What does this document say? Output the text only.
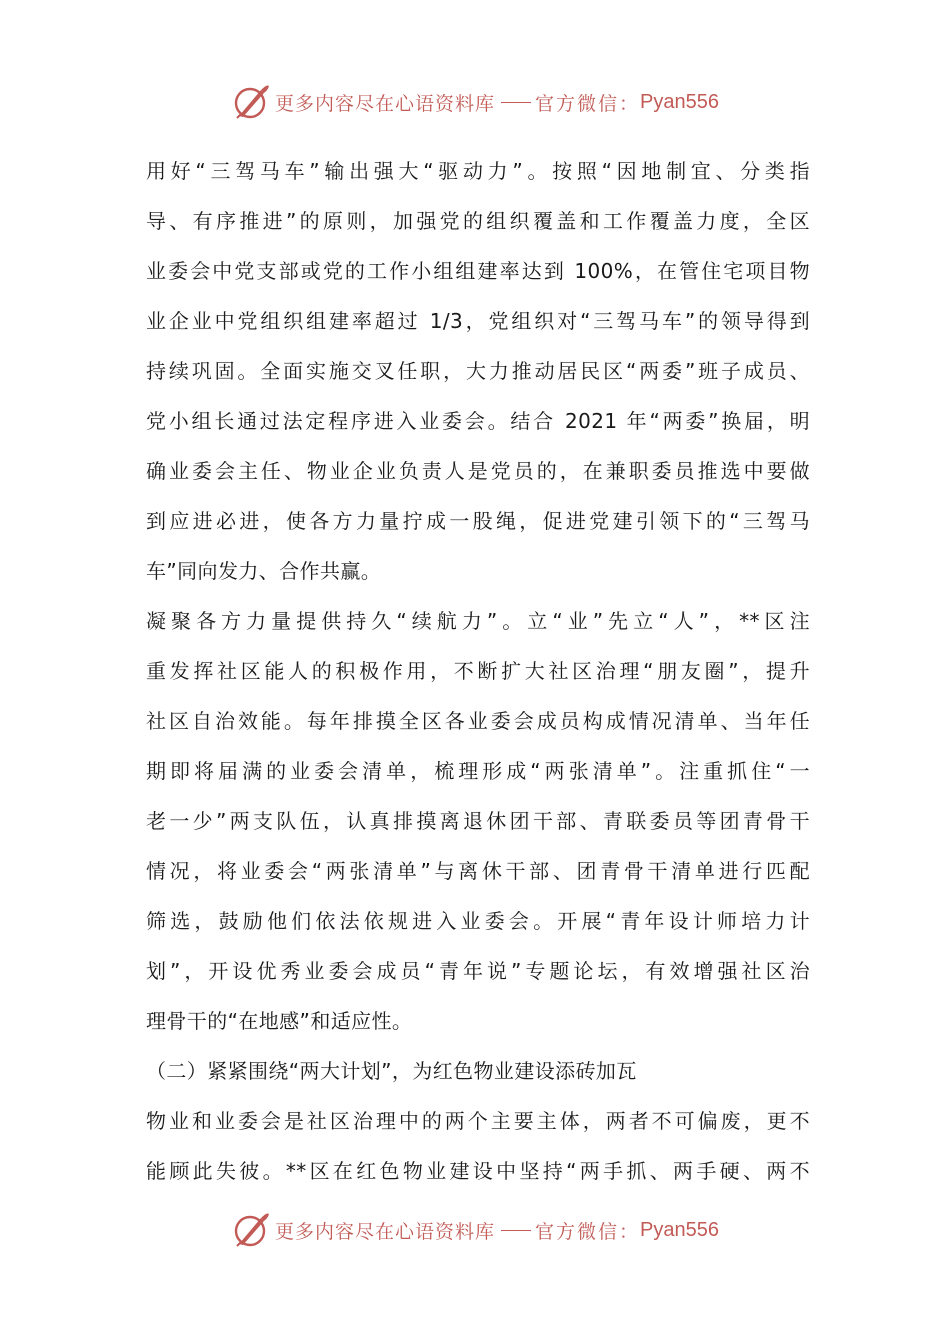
更多内容尽在心语资料库 官方微信： Pyan556
用好“三驾马车”输出强大“驱动力”。按照“因地制宜、分类指
导、有序推进”的原则，加强党的组织覆盖和工作覆盖力度，全区
业委会中党支部或党的工作小组组建率达到 100%，在管住宅项目物
业企业中党组织组建率超过 1/3，党组织对“三驾马车”的领导得到
持续巩固。全面实施交叉任职，大力推动居民区“两委”班子成员、
党小组长通过法定程序进入业委会。结合 2021 年“两委”换届，明
确业委会主任、物业企业负责人是党员的，在兼职委员推选中要做
到应进必进，使各方力量拧成一股绳，促进党建引领下的“三驾马
车”同向发力、合作共赢。
凝聚各方力量提供持久“续航力”。立“业”先立“人”，**区注
重发挥社区能人的积极作用，不断扩大社区治理“朋友圈”，提升
社区自治效能。每年排摸全区各业委会成员构成情况清单、当年任
期即将届满的业委会清单，梳理形成“两张清单”。注重抓住“一
老一少”两支队伍，认真排摸离退休团干部、青联委员等团青骨干
情况，将业委会“两张清单”与离休干部、团青骨干清单进行匹配
筛选，鼓励他们依法依规进入业委会。开展“青年设计师培力计
划”，开设优秀业委会成员“青年说”专题论坛，有效增强社区治
理骨干的“在地感”和适应性。
（二）紧紧围绕“两大计划”，为红色物业建设添砖加瓦
物业和业委会是社区治理中的两个主要主体，两者不可偏废，更不
能顾此失彼。**区在红色物业建设中坚持“两手抓、两手硬、两不
更多内容尽在心语资料库 官方微信： Pyan556
